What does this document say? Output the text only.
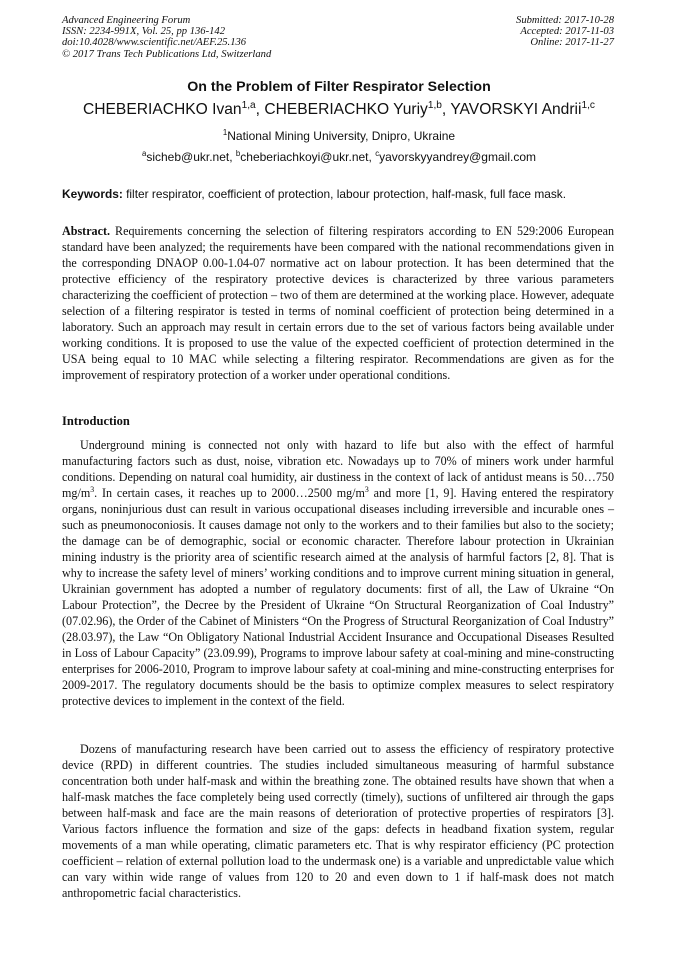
Advanced Engineering Forum
ISSN: 2234-991X, Vol. 25, pp 136-142
doi:10.4028/www.scientific.net/AEF.25.136
© 2017 Trans Tech Publications Ltd, Switzerland
Submitted: 2017-10-28
Accepted: 2017-11-03
Online: 2017-11-27
On the Problem of Filter Respirator Selection
CHEBERIACHKO Ivan$^{1,a}$, CHEBERIACHKO Yuriy$^{1,b}$, YAVORSKYI Andrii$^{1,c}$
$^1$National Mining University, Dnipro, Ukraine
$^a$sicheb@ukr.net, $^b$cheberiachkoyi@ukr.net, $^c$yavorskyyandrey@gmail.com
Keywords: filter respirator, coefficient of protection, labour protection, half-mask, full face mask.

Abstract. Requirements concerning the selection of filtering respirators according to EN 529:2006 European standard have been analyzed; the requirements have been compared with the national recommendations given in the corresponding DNAOP 0.00-1.04-07 normative act on labour protection. It has been determined that the protective efficiency of the respiratory protective devices is characterized by three various parameters characterizing the coefficient of protection – two of them are determined at the working place. However, adequate selection of a filtering respirator is tested in terms of nominal coefficient of protection being determined in a laboratory. Such an approach may result in certain errors due to the set of various factors being available under working conditions. It is proposed to use the value of the expected coefficient of protection determined in the USA being equal to 10 MAC while selecting a filtering respirator. Recommendations are given as for the improvement of respiratory protection of a worker under operational conditions.

Introduction

Underground mining is connected not only with hazard to life but also with the effect of harmful manufacturing factors such as dust, noise, vibration etc. Nowadays up to 70% of miners work under harmful conditions. Depending on natural coal humidity, air dustiness in the context of lack of antidust means is 50…750 $mg/m^3$. In certain cases, it reaches up to 2000…2500 $mg/m^3$ and more [1, 9]. Having entered the respiratory organs, noninjurious dust can result in various occupational diseases including irreversible and incurable ones – such as pneumonoconiosis. It causes damage not only to the workers and to their families but also to the society; the damage can be of demographic, social or economic character. Therefore labour protection in Ukrainian mining industry is the priority area of scientific research aimed at the analysis of harmful factors [2, 8]. That is why to increase the safety level of miners’ working conditions and to improve current mining situation in general, Ukrainian government has adopted a number of regulatory documents: first of all, the Law of Ukraine “On Labour Protection”, the Decree by the President of Ukraine “On Structural Reorganization of Coal Industry” (07.02.96), the Order of the Cabinet of Ministers “On the Progress of Structural Reorganization of Coal Industry” (28.03.97), the Law “On Obligatory National Industrial Accident Insurance and Occupational Diseases Resulted in Loss of Labour Capacity” (23.09.99), Programs to improve labour safety at coal-mining and mine-constructing enterprises for 2006-2010, Program to improve labour safety at coal-mining and mine-constructing enterprises for 2009-2017. The regulatory documents should be the basis to optimize complex measures to select respiratory protective devices to implement in the context of the field.

Dozens of manufacturing research have been carried out to assess the efficiency of respiratory protective device (RPD) in different countries. The studies included simultaneous measuring of harmful substance concentration both under half-mask and within the breathing zone. The obtained results have shown that when a half-mask matches the face completely being used correctly (timely), suctions of unfiltered air through the gaps between half-mask and face are the main reasons of deterioration of protective properties of respirators [3]. Various factors influence the formation and size of the gaps: defects in headband fixation system, regular movements of a man while operating, climatic parameters etc. That is why respirator efficiency (PC protection coefficient – relation of external pollution load to the undermask one) is a variable and unpredictable value which can vary within wide range of values from 120 to 20 and even down to 1 if half-mask does not match anthropometric facial characteristics.
